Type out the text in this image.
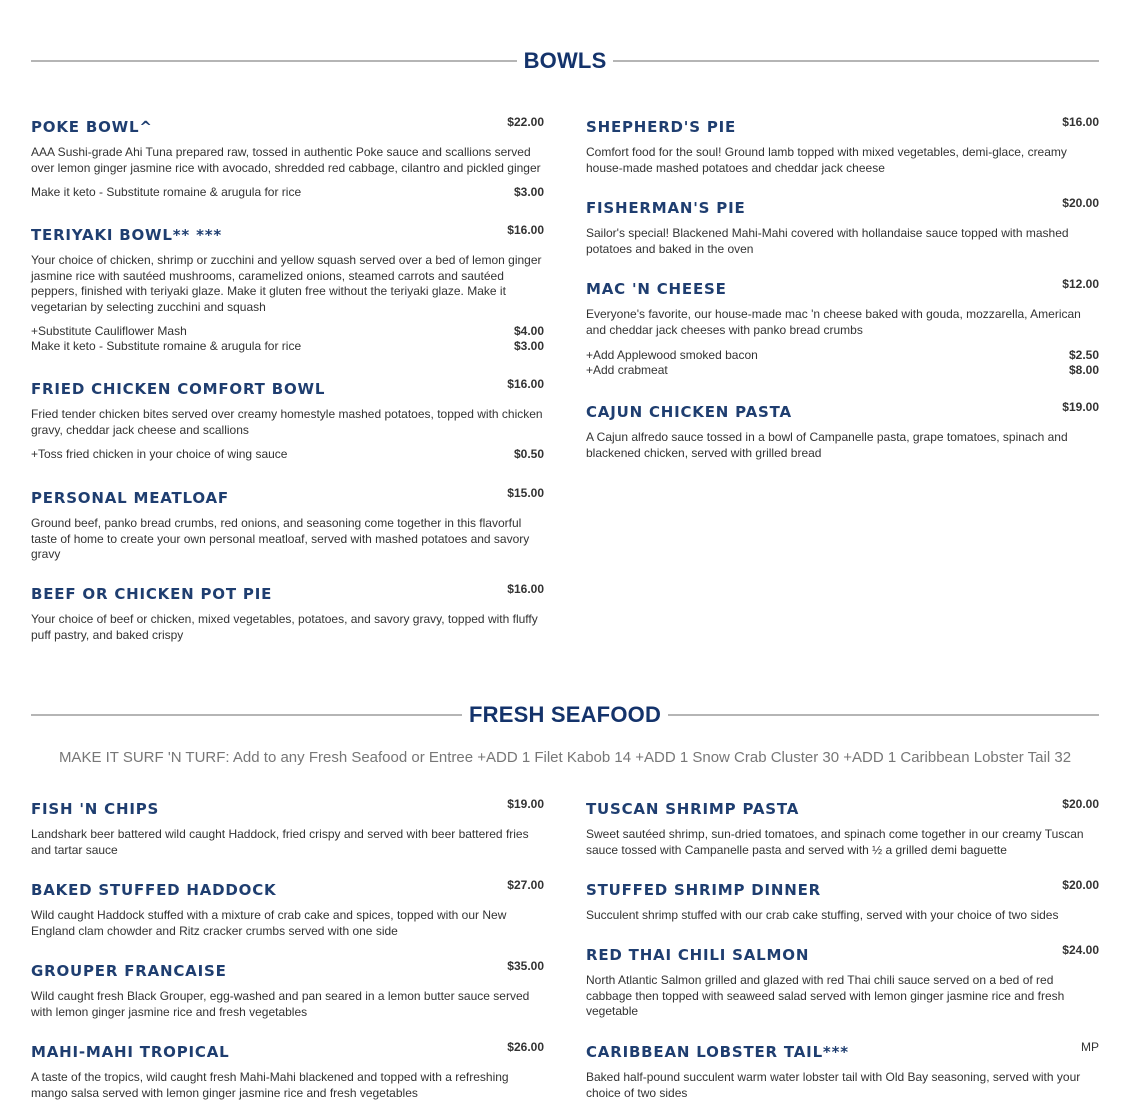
BOWLS
POKE BOWL^	$22.00

AAA Sushi-grade Ahi Tuna prepared raw, tossed in authentic Poke sauce and scallions served over lemon ginger jasmine rice with avocado, shredded red cabbage, cilantro and pickled ginger

Make it keto - Substitute romaine & arugula for rice	$3.00
TERIYAKI BOWL** ***	$16.00

Your choice of chicken, shrimp or zucchini and yellow squash served over a bed of lemon ginger jasmine rice with sautéed mushrooms, caramelized onions, steamed carrots and sautéed peppers, finished with teriyaki glaze. Make it gluten free without the teriyaki glaze. Make it vegetarian by selecting zucchini and squash

+Substitute Cauliflower Mash	$4.00
Make it keto - Substitute romaine & arugula for rice	$3.00
FRIED CHICKEN COMFORT BOWL	$16.00

Fried tender chicken bites served over creamy homestyle mashed potatoes, topped with chicken gravy, cheddar jack cheese and scallions

+Toss fried chicken in your choice of wing sauce	$0.50
PERSONAL MEATLOAF	$15.00

Ground beef, panko bread crumbs, red onions, and seasoning come together in this flavorful taste of home to create your own personal meatloaf, served with mashed potatoes and savory gravy

BEEF OR CHICKEN POT PIE	$16.00

Your choice of beef or chicken, mixed vegetables, potatoes, and savory gravy, topped with fluffy puff pastry, and baked crispy

SHEPHERD'S PIE	$16.00

Comfort food for the soul! Ground lamb topped with mixed vegetables, demi-glace, creamy house-made mashed potatoes and cheddar jack cheese

FISHERMAN'S PIE	$20.00

Sailor's special! Blackened Mahi-Mahi covered with hollandaise sauce topped with mashed potatoes and baked in the oven

MAC 'N CHEESE	$12.00

Everyone's favorite, our house-made mac 'n cheese baked with gouda, mozzarella, American and cheddar jack cheeses with panko bread crumbs

+Add Applewood smoked bacon	$2.50
+Add crabmeat	$8.00
CAJUN CHICKEN PASTA	$19.00

A Cajun alfredo sauce tossed in a bowl of Campanelle pasta, grape tomatoes, spinach and blackened chicken, served with grilled bread

FRESH SEAFOOD
MAKE IT SURF 'N TURF: Add to any Fresh Seafood or Entree +ADD 1 Filet Kabob 14 +ADD 1 Snow Crab Cluster 30 +ADD 1 Caribbean Lobster Tail 32
FISH 'N CHIPS	$19.00

Landshark beer battered wild caught Haddock, fried crispy and served with beer battered fries and tartar sauce

BAKED STUFFED HADDOCK	$27.00

Wild caught Haddock stuffed with a mixture of crab cake and spices, topped with our New England clam chowder and Ritz cracker crumbs served with one side

GROUPER FRANCAISE	$35.00

Wild caught fresh Black Grouper, egg-washed and pan seared in a lemon butter sauce served with lemon ginger jasmine rice and fresh vegetables

MAHI-MAHI TROPICAL	$26.00

A taste of the tropics, wild caught fresh Mahi-Mahi blackened and topped with a refreshing mango salsa served with lemon ginger jasmine rice and fresh vegetables

TUSCAN SHRIMP PASTA	$20.00

Sweet sautéed shrimp, sun-dried tomatoes, and spinach come together in our creamy Tuscan sauce tossed with Campanelle pasta and served with ½ a grilled demi baguette

STUFFED SHRIMP DINNER	$20.00

Succulent shrimp stuffed with our crab cake stuffing, served with your choice of two sides

RED THAI CHILI SALMON	$24.00

North Atlantic Salmon grilled and glazed with red Thai chili sauce served on a bed of red cabbage then topped with seaweed salad served with lemon ginger jasmine rice and fresh vegetable

CARIBBEAN LOBSTER TAIL***	MP

Baked half-pound succulent warm water lobster tail with Old Bay seasoning, served with your choice of two sides
